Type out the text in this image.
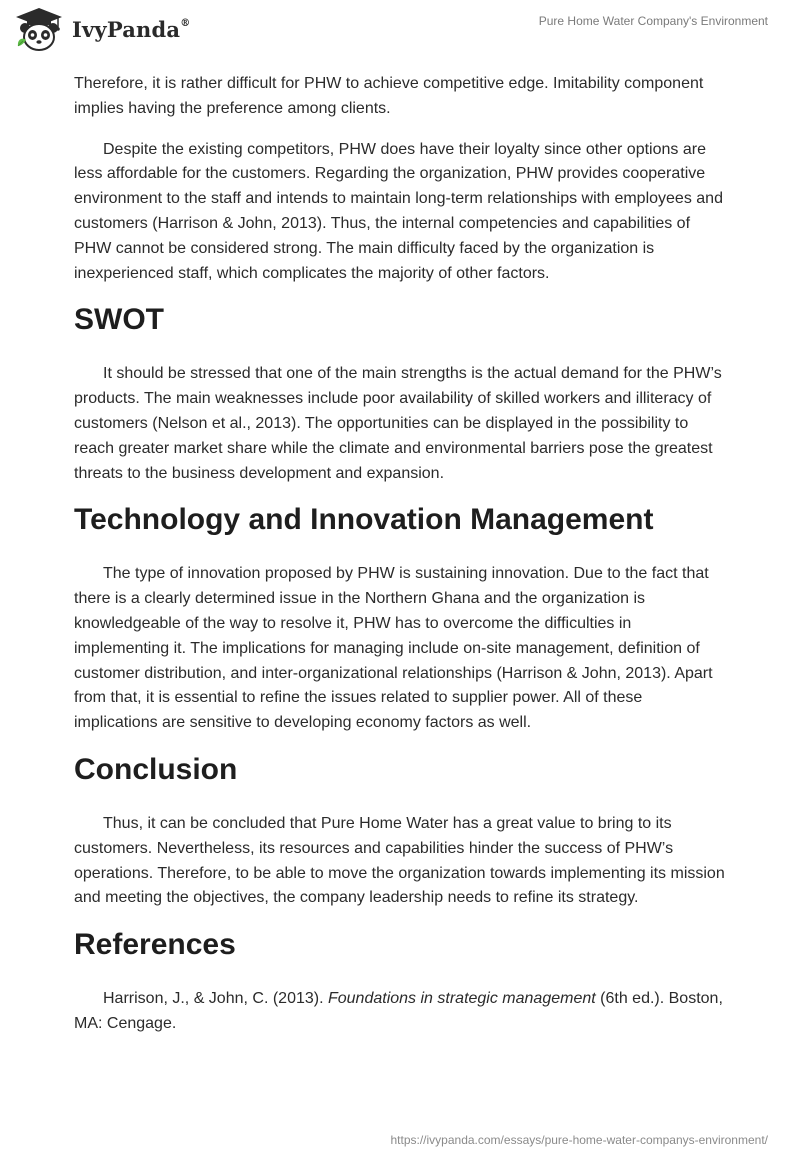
IvyPanda®	Pure Home Water Company's Environment

Therefore, it is rather difficult for PHW to achieve competitive edge. Imitability component implies having the preference among clients.

Despite the existing competitors, PHW does have their loyalty since other options are less affordable for the customers. Regarding the organization, PHW provides cooperative environment to the staff and intends to maintain long-term relationships with employees and customers (Harrison & John, 2013). Thus, the internal competencies and capabilities of PHW cannot be considered strong. The main difficulty faced by the organization is inexperienced staff, which complicates the majority of other factors.

SWOT

It should be stressed that one of the main strengths is the actual demand for the PHW’s products. The main weaknesses include poor availability of skilled workers and illiteracy of customers (Nelson et al., 2013). The opportunities can be displayed in the possibility to reach greater market share while the climate and environmental barriers pose the greatest threats to the business development and expansion.

Technology and Innovation Management

The type of innovation proposed by PHW is sustaining innovation. Due to the fact that there is a clearly determined issue in the Northern Ghana and the organization is knowledgeable of the way to resolve it, PHW has to overcome the difficulties in implementing it. The implications for managing include on-site management, definition of customer distribution, and inter-organizational relationships (Harrison & John, 2013). Apart from that, it is essential to refine the issues related to supplier power. All of these implications are sensitive to developing economy factors as well.

Conclusion

Thus, it can be concluded that Pure Home Water has a great value to bring to its customers. Nevertheless, its resources and capabilities hinder the success of PHW’s operations. Therefore, to be able to move the organization towards implementing its mission and meeting the objectives, the company leadership needs to refine its strategy.

References

Harrison, J., & John, C. (2013). Foundations in strategic management (6th ed.). Boston, MA: Cengage.

https://ivypanda.com/essays/pure-home-water-companys-environment/
